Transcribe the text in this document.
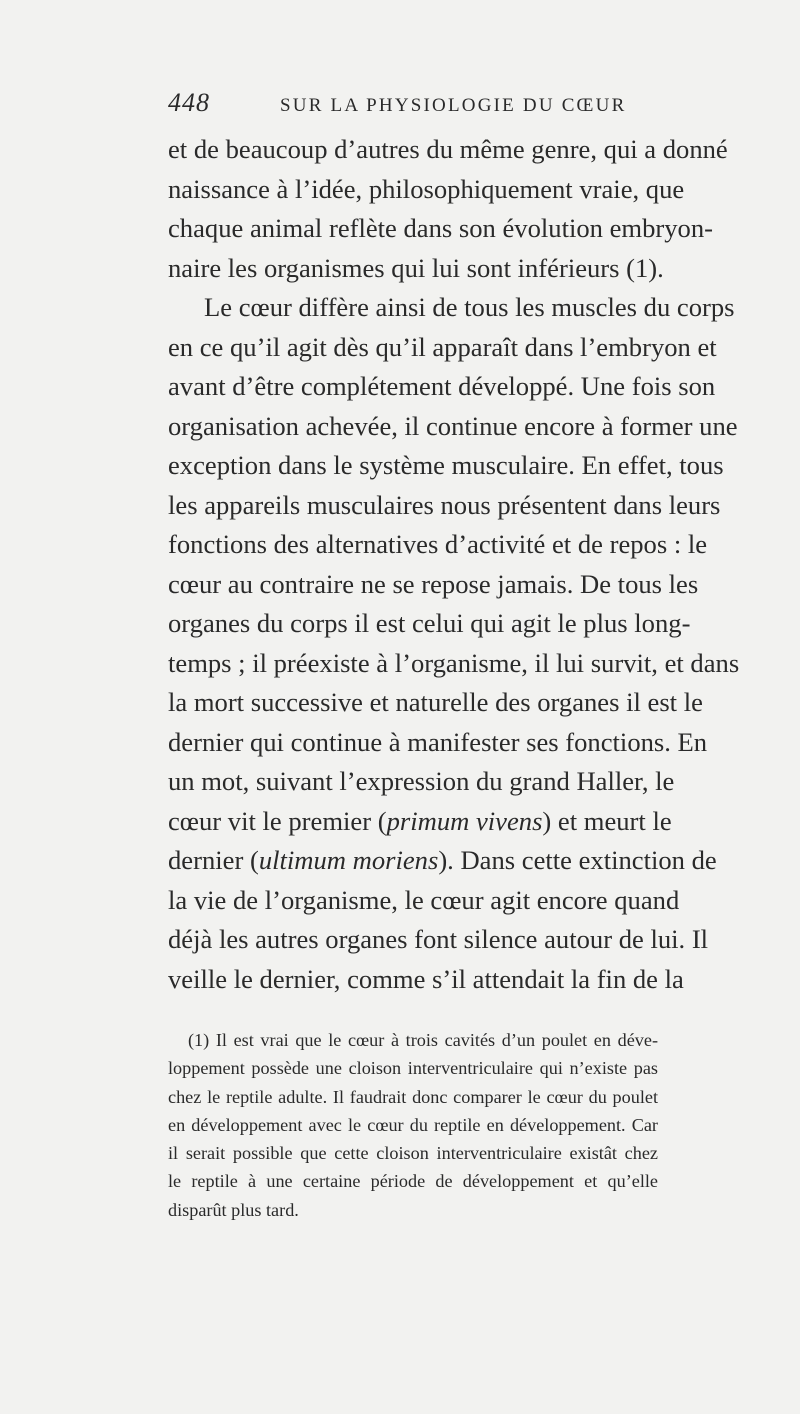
448	SUR LA PHYSIOLOGIE DU CŒUR
et de beaucoup d’autres du même genre, qui a donné
naissance à l’idée, philosophiquement vraie, que
chaque animal reflète dans son évolution embryon-
naire les organismes qui lui sont inférieurs (1).
Le cœur diffère ainsi de tous les muscles du corps
en ce qu’il agit dès qu’il apparaît dans l’embryon et
avant d’être complétement développé. Une fois son
organisation achevée, il continue encore à former une
exception dans le système musculaire. En effet, tous
les appareils musculaires nous présentent dans leurs
fonctions des alternatives d’activité et de repos : le
cœur au contraire ne se repose jamais. De tous les
organes du corps il est celui qui agit le plus long-
temps ; il préexiste à l’organisme, il lui survit, et dans
la mort successive et naturelle des organes il est le
dernier qui continue à manifester ses fonctions. En
un mot, suivant l’expression du grand Haller, le
cœur vit le premier (primum vivens) et meurt le
dernier (ultimum moriens). Dans cette extinction de
la vie de l’organisme, le cœur agit encore quand
déjà les autres organes font silence autour de lui. Il
veille le dernier, comme s’il attendait la fin de la
(1) Il est vrai que le cœur à trois cavités d’un poulet en déve-
loppement possède une cloison interventriculaire qui n’existe pas
chez le reptile adulte. Il faudrait donc comparer le cœur du poulet
en développement avec le cœur du reptile en développement. Car
il serait possible que cette cloison interventriculaire existât chez
le reptile à une certaine période de développement et qu’elle
disparût plus tard.
